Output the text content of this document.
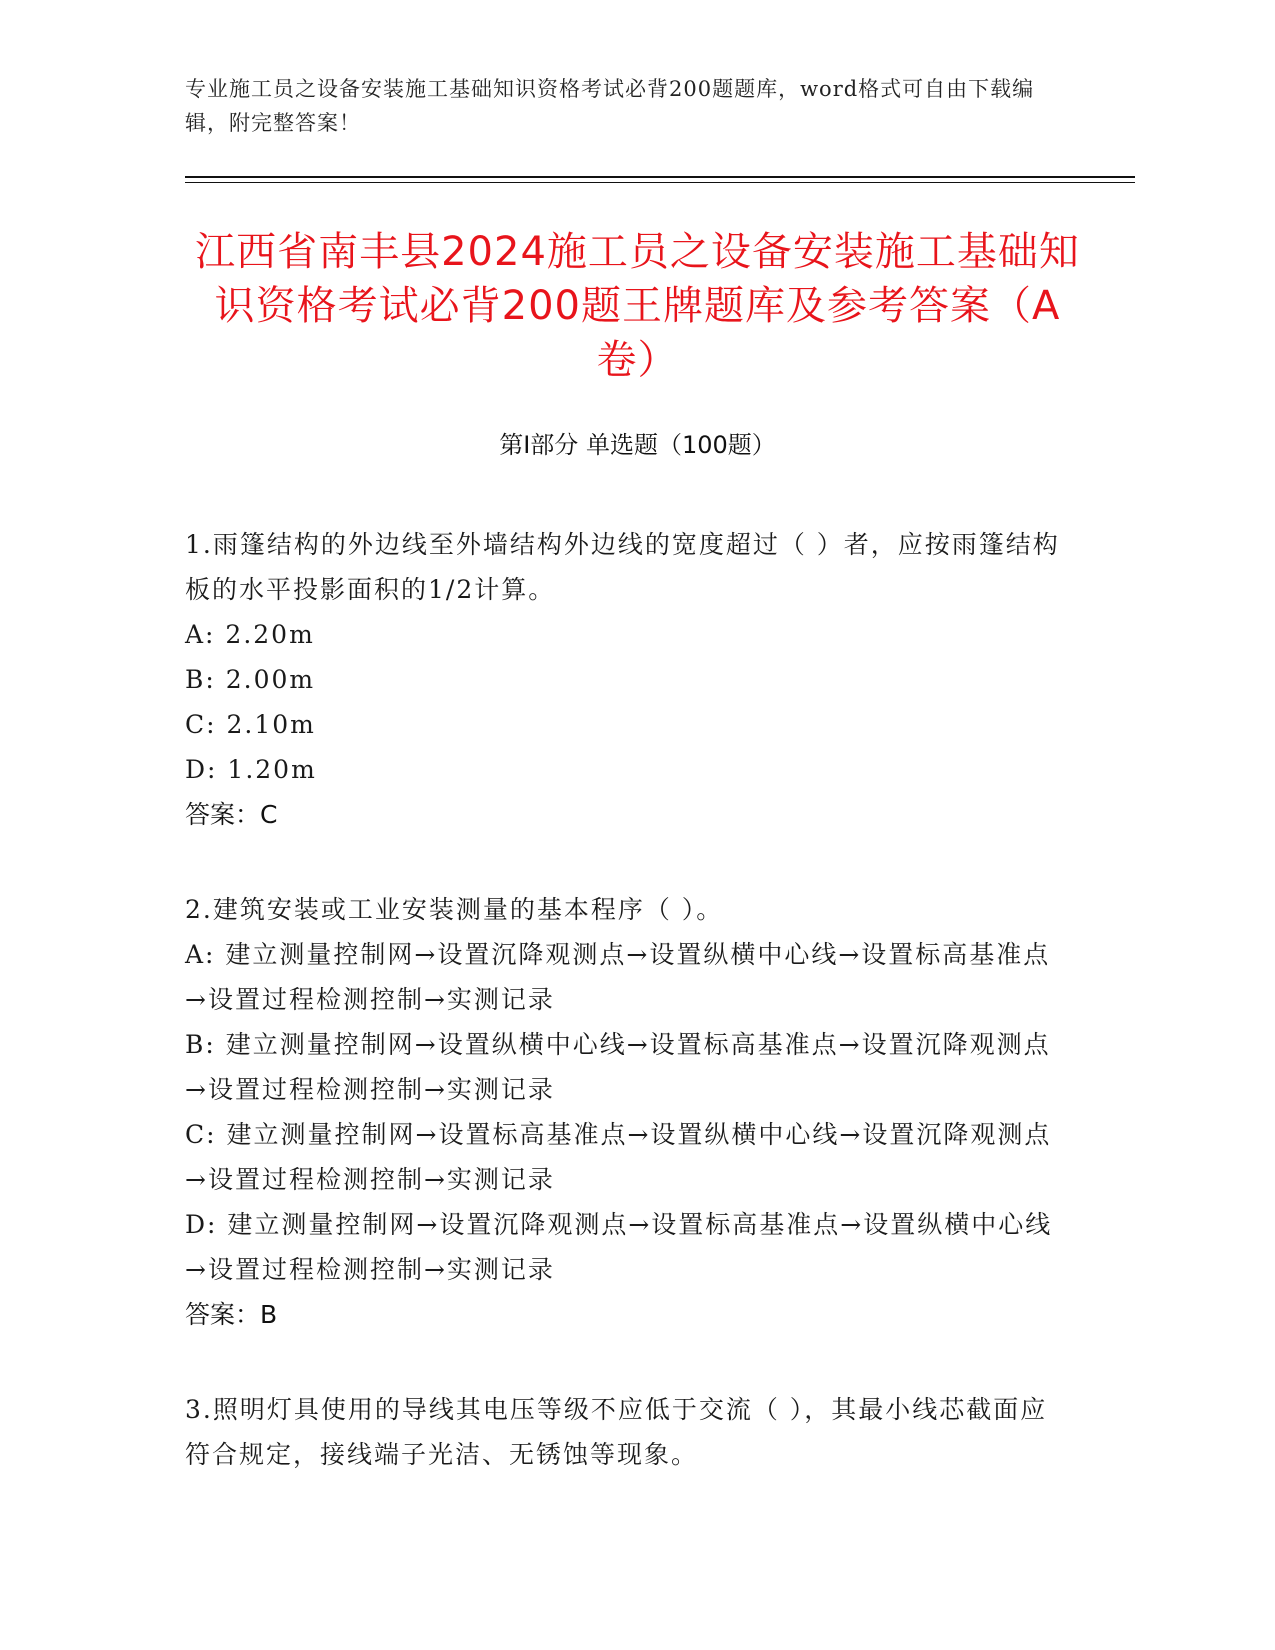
专业施工员之设备安装施工基础知识资格考试必背200题题库，word格式可自由下载编辑，附完整答案！
江西省南丰县2024施工员之设备安装施工基础知识资格考试必背200题王牌题库及参考答案（A卷）
第Ⅰ部分 单选题（100题）
1.雨篷结构的外边线至外墙结构外边线的宽度超过（ ）者，应按雨篷结构板的水平投影面积的1/2计算。
A: 2.20m
B: 2.00m
C: 2.10m
D: 1.20m
答案：C
2.建筑安装或工业安装测量的基本程序（ ）。
A: 建立测量控制网→设置沉降观测点→设置纵横中心线→设置标高基准点→设置过程检测控制→实测记录
B: 建立测量控制网→设置纵横中心线→设置标高基准点→设置沉降观测点→设置过程检测控制→实测记录
C: 建立测量控制网→设置标高基准点→设置纵横中心线→设置沉降观测点→设置过程检测控制→实测记录
D: 建立测量控制网→设置沉降观测点→设置标高基准点→设置纵横中心线→设置过程检测控制→实测记录
答案：B
3.照明灯具使用的导线其电压等级不应低于交流（ ），其最小线芯截面应符合规定，接线端子光洁、无锈蚀等现象。
